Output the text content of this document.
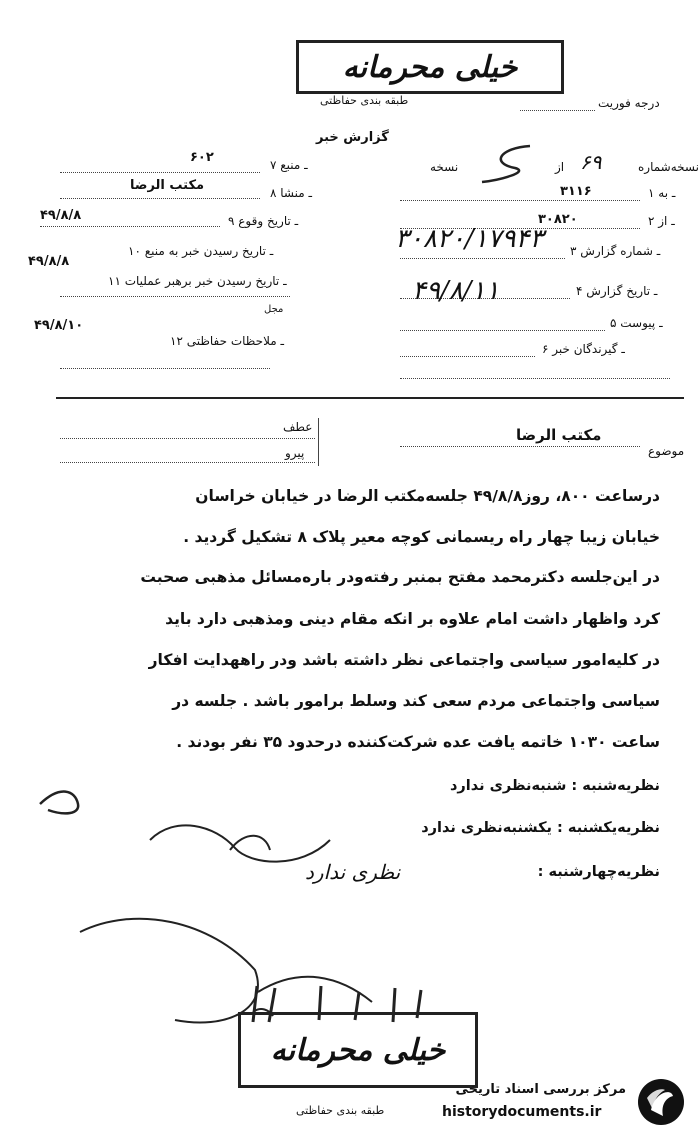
خیلی محرمانه
طبقه بندی حفاظتی	درجه فوریت
گزارش خبر
نسخه‌شماره
۶۹
از
نسخه
۱ ـ به
۳۱۱۶
۲ ـ از
۳۰۸۲۰
۳ ـ شماره گزارش
۳۰۸۲۰/۱۷۹۴۳
۴ ـ تاریخ گزارش
۴۹/۸/۱۱
۵ ـ پیوست
۶ ـ گیرندگان خبر
۷ ـ منبع
۶۰۲
۸ ـ منشا
مکتب الرضا
۹ ـ تاریخ وقوع
۴۹/۸/۸
۱۰ ـ تاریخ رسیدن خبر به منبع
۴۹/۸/۸
۱۱ ـ تاریخ رسیدن خبر برهبر عملیات
مجل
۴۹/۸/۱۰
۱۲ ـ ملاحظات حفاظتی
عطف
پیرو	موضوع
مکتب الرضا
درساعت ۸۰۰، روز۴۹/۸/۸ جلسه‌مکتب الرضا در خیابان خراسان
خیابان زیبا چهار راه ریسمانی کوچه معیر پلاک ۸ تشکیل گردید .
در این‌جلسه دکترمحمد مفتح بمنبر رفته‌ودر باره‌مسائل مذهبی صحبت
کرد واظهار داشت امام علاوه بر انکه مقام دینی ومذهبی دارد باید
در کلیه‌امور سیاسی واجتماعی نظر داشته باشد ودر راههدایت افکار
سیاسی واجتماعی مردم سعی کند وسلط برامور باشد . جلسه در
ساعت ۱۰۳۰ خاتمه یافت عده شرکت‌کننده درحدود ۳۵ نفر بودند .
نظریه‌شنبه : شنبه‌نظری ندارد
نظریه‌یکشنبه : یکشنبه‌نظری ندارد
نظریه‌چهارشنبه :
نظری ندارد
خیلی محرمانه
طبقه بندی حفاظتی
مرکز بررسی اسناد تاریخی
historydocuments.ir
